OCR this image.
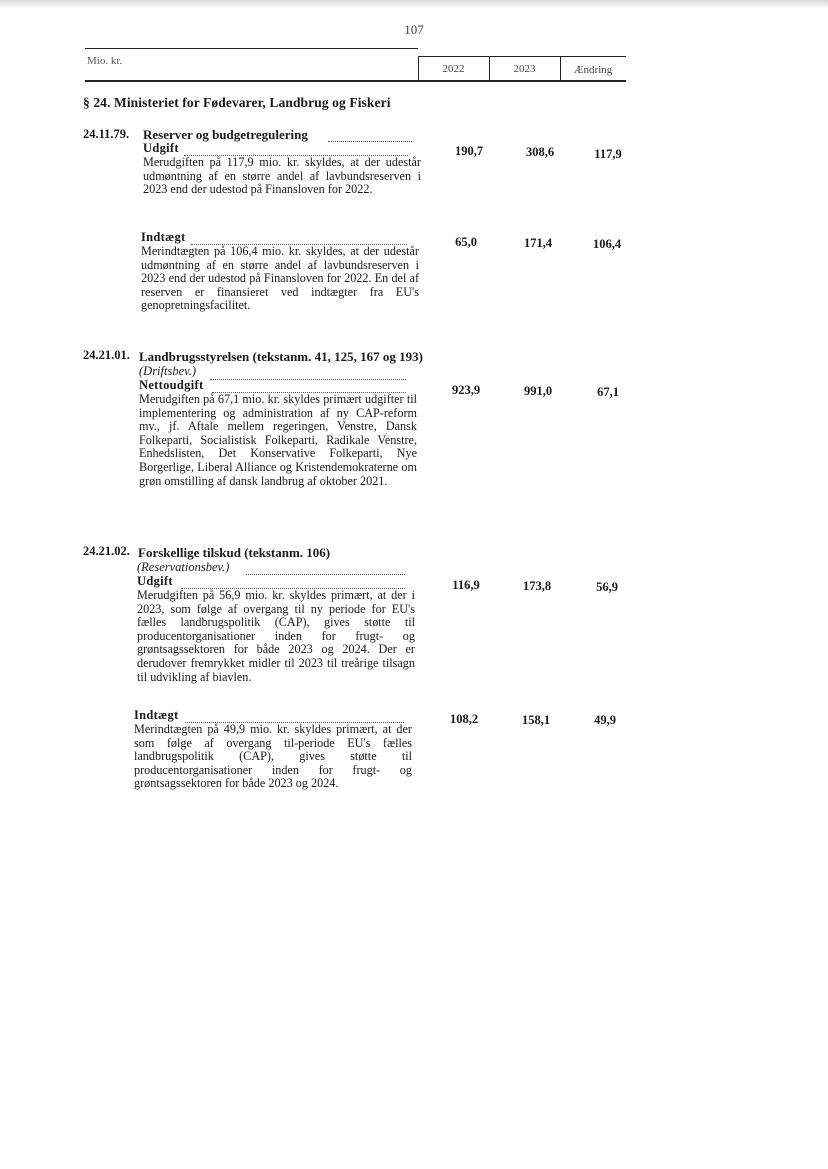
107
Mio. kr.
2022	2023	Ændring
§ 24. Ministeriet for Fødevarer, Landbrug og Fiskeri
24.11.79.	Reserver og budgetregulering
Udgift
Merudgiften på 117,9 mio. kr. skyldes, at der udestår udmøntning af en større andel af lavbundsreserven i 2023 end der udestod på Finansloven for 2022.
190,7	308,6	117,9
Indtægt
Merindtægten på 106,4 mio. kr. skyldes, at der udestår udmøntning af en større andel af lavbundsreserven i 2023 end der udestod på Finansloven for 2022. En del af reserven er finansieret ved indtægter fra EU's genopretningsfacilitet.
65,0	171,4	106,4
24.21.01. Landbrugsstyrelsen (tekstanm. 41, 125, 167 og 193)
(Driftsbev.)
Nettoudgift
Merudgiften på 67,1 mio. kr. skyldes primært udgifter til implementering og administration af ny CAP-reform mv., jf. Aftale mellem regeringen, Venstre, Dansk Folkeparti, Socialistisk Folkeparti, Radikale Venstre, Enhedslisten, Det Konservative Folkeparti, Nye Borgerlige, Liberal Alliance og Kristendemokraterne om grøn omstilling af dansk landbrug af oktober 2021.
923,9	991,0	67,1
24.21.02. Forskellige tilskud (tekstanm. 106)
(Reservationsbev.)
Udgift
Merudgiften på 56,9 mio. kr. skyldes primært, at der i 2023, som følge af overgang til ny periode for EU's fælles landbrugspolitik (CAP), gives støtte til producentorganisationer inden for frugt- og grøntsagssektoren for både 2023 og 2024. Der er derudover fremrykket midler til 2023 til treårige tilsagn til udvikling af biavlen.
116,9	173,8	56,9
Indtægt
Merindtægten på 49,9 mio. kr. skyldes primært, at der som følge af overgang til-periode EU's fælles landbrugspolitik (CAP), gives støtte til producentorganisationer inden for frugt- og grøntsagssektoren for både 2023 og 2024.
108,2	158,1	49,9
